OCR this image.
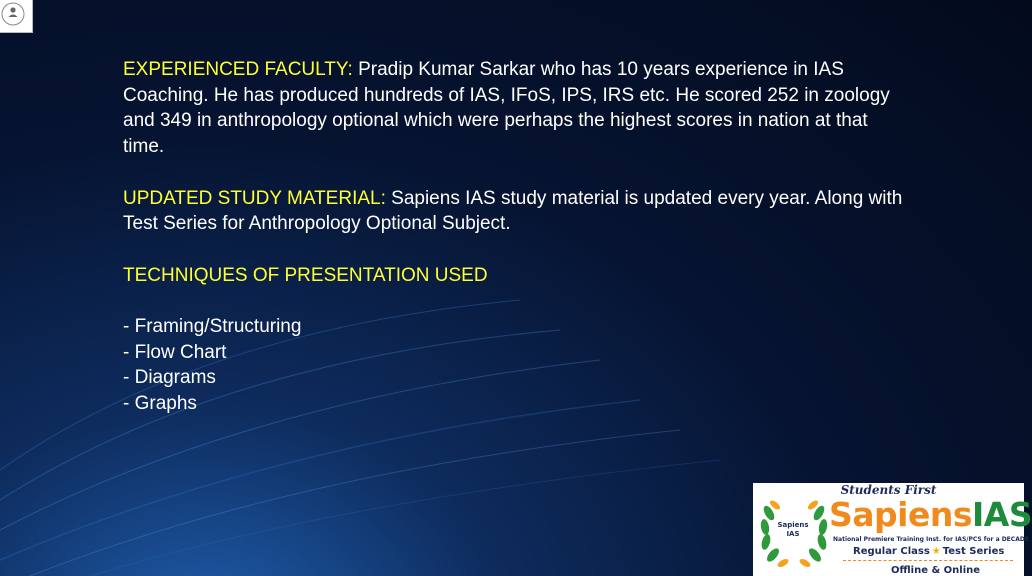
EXPERIENCED FACULTY: Pradip Kumar Sarkar who has 10 years experience in IAS Coaching. He has produced hundreds of IAS, IFoS, IPS, IRS etc. He scored 252 in zoology and 349 in anthropology optional which were perhaps the highest scores in nation at that time.

UPDATED STUDY MATERIAL: Sapiens IAS study material is updated every year. Along with Test Series for Anthropology Optional Subject.

TECHNIQUES OF PRESENTATION USED

- Framing/Structuring
- Flow Chart
- Diagrams
- Graphs
Students First
Sapiens IAS SapiensIAS
National Premiere Training Inst. for IAS/PCS for a DECADE
Regular Class ★ Test Series
Offline & Online
